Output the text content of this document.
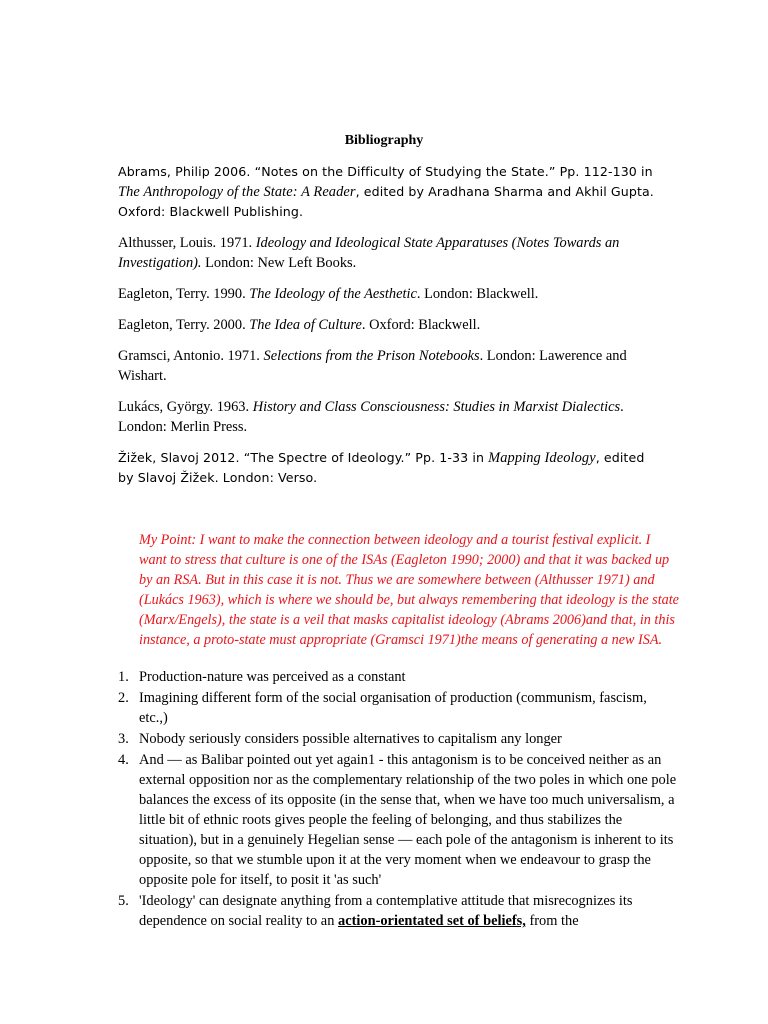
Bibliography

Abrams, Philip 2006. “Notes on the Difficulty of Studying the State.” Pp. 112-130 in The Anthropology of the State: A Reader, edited by Aradhana Sharma and Akhil Gupta. Oxford: Blackwell Publishing.

Althusser, Louis. 1971. Ideology and Ideological State Apparatuses (Notes Towards an Investigation). London: New Left Books.

Eagleton, Terry. 1990. The Ideology of the Aesthetic. London: Blackwell.

Eagleton, Terry. 2000. The Idea of Culture. Oxford: Blackwell.

Gramsci, Antonio. 1971. Selections from the Prison Notebooks. London: Lawerence and Wishart.

Lukács, György. 1963. History and Class Consciousness: Studies in Marxist Dialectics. London: Merlin Press.

Žižek, Slavoj 2012. “The Spectre of Ideology.” Pp. 1-33 in Mapping Ideology, edited by Slavoj Žižek. London: Verso.

My Point: I want to make the connection between ideology and a tourist festival explicit. I want to stress that culture is one of the ISAs (Eagleton 1990; 2000) and that it was backed up by an RSA. But in this case it is not. Thus we are somewhere between (Althusser 1971) and (Lukács 1963), which is where we should be, but always remembering that ideology is the state (Marx/Engels), the state is a veil that masks capitalist ideology (Abrams 2006)and that, in this instance, a proto-state must appropriate (Gramsci 1971)the means of generating a new ISA.
1. Production-nature was perceived as a constant
2. Imagining different form of the social organisation of production (communism, fascism, etc.,)
3. Nobody seriously considers possible alternatives to capitalism any longer
4. And — as Balibar pointed out yet again1 - this antagonism is to be conceived neither as an external opposition nor as the complementary relationship of the two poles in which one pole balances the excess of its opposite (in the sense that, when we have too much universalism, a little bit of ethnic roots gives people the feeling of belonging, and thus stabilizes the situation), but in a genuinely Hegelian sense — each pole of the antagonism is inherent to its opposite, so that we stumble upon it at the very moment when we endeavour to grasp the opposite pole for itself, to posit it 'as such'
5. 'Ideology' can designate anything from a contemplative attitude that misrecognizes its dependence on social reality to an action-orientated set of beliefs, from the
